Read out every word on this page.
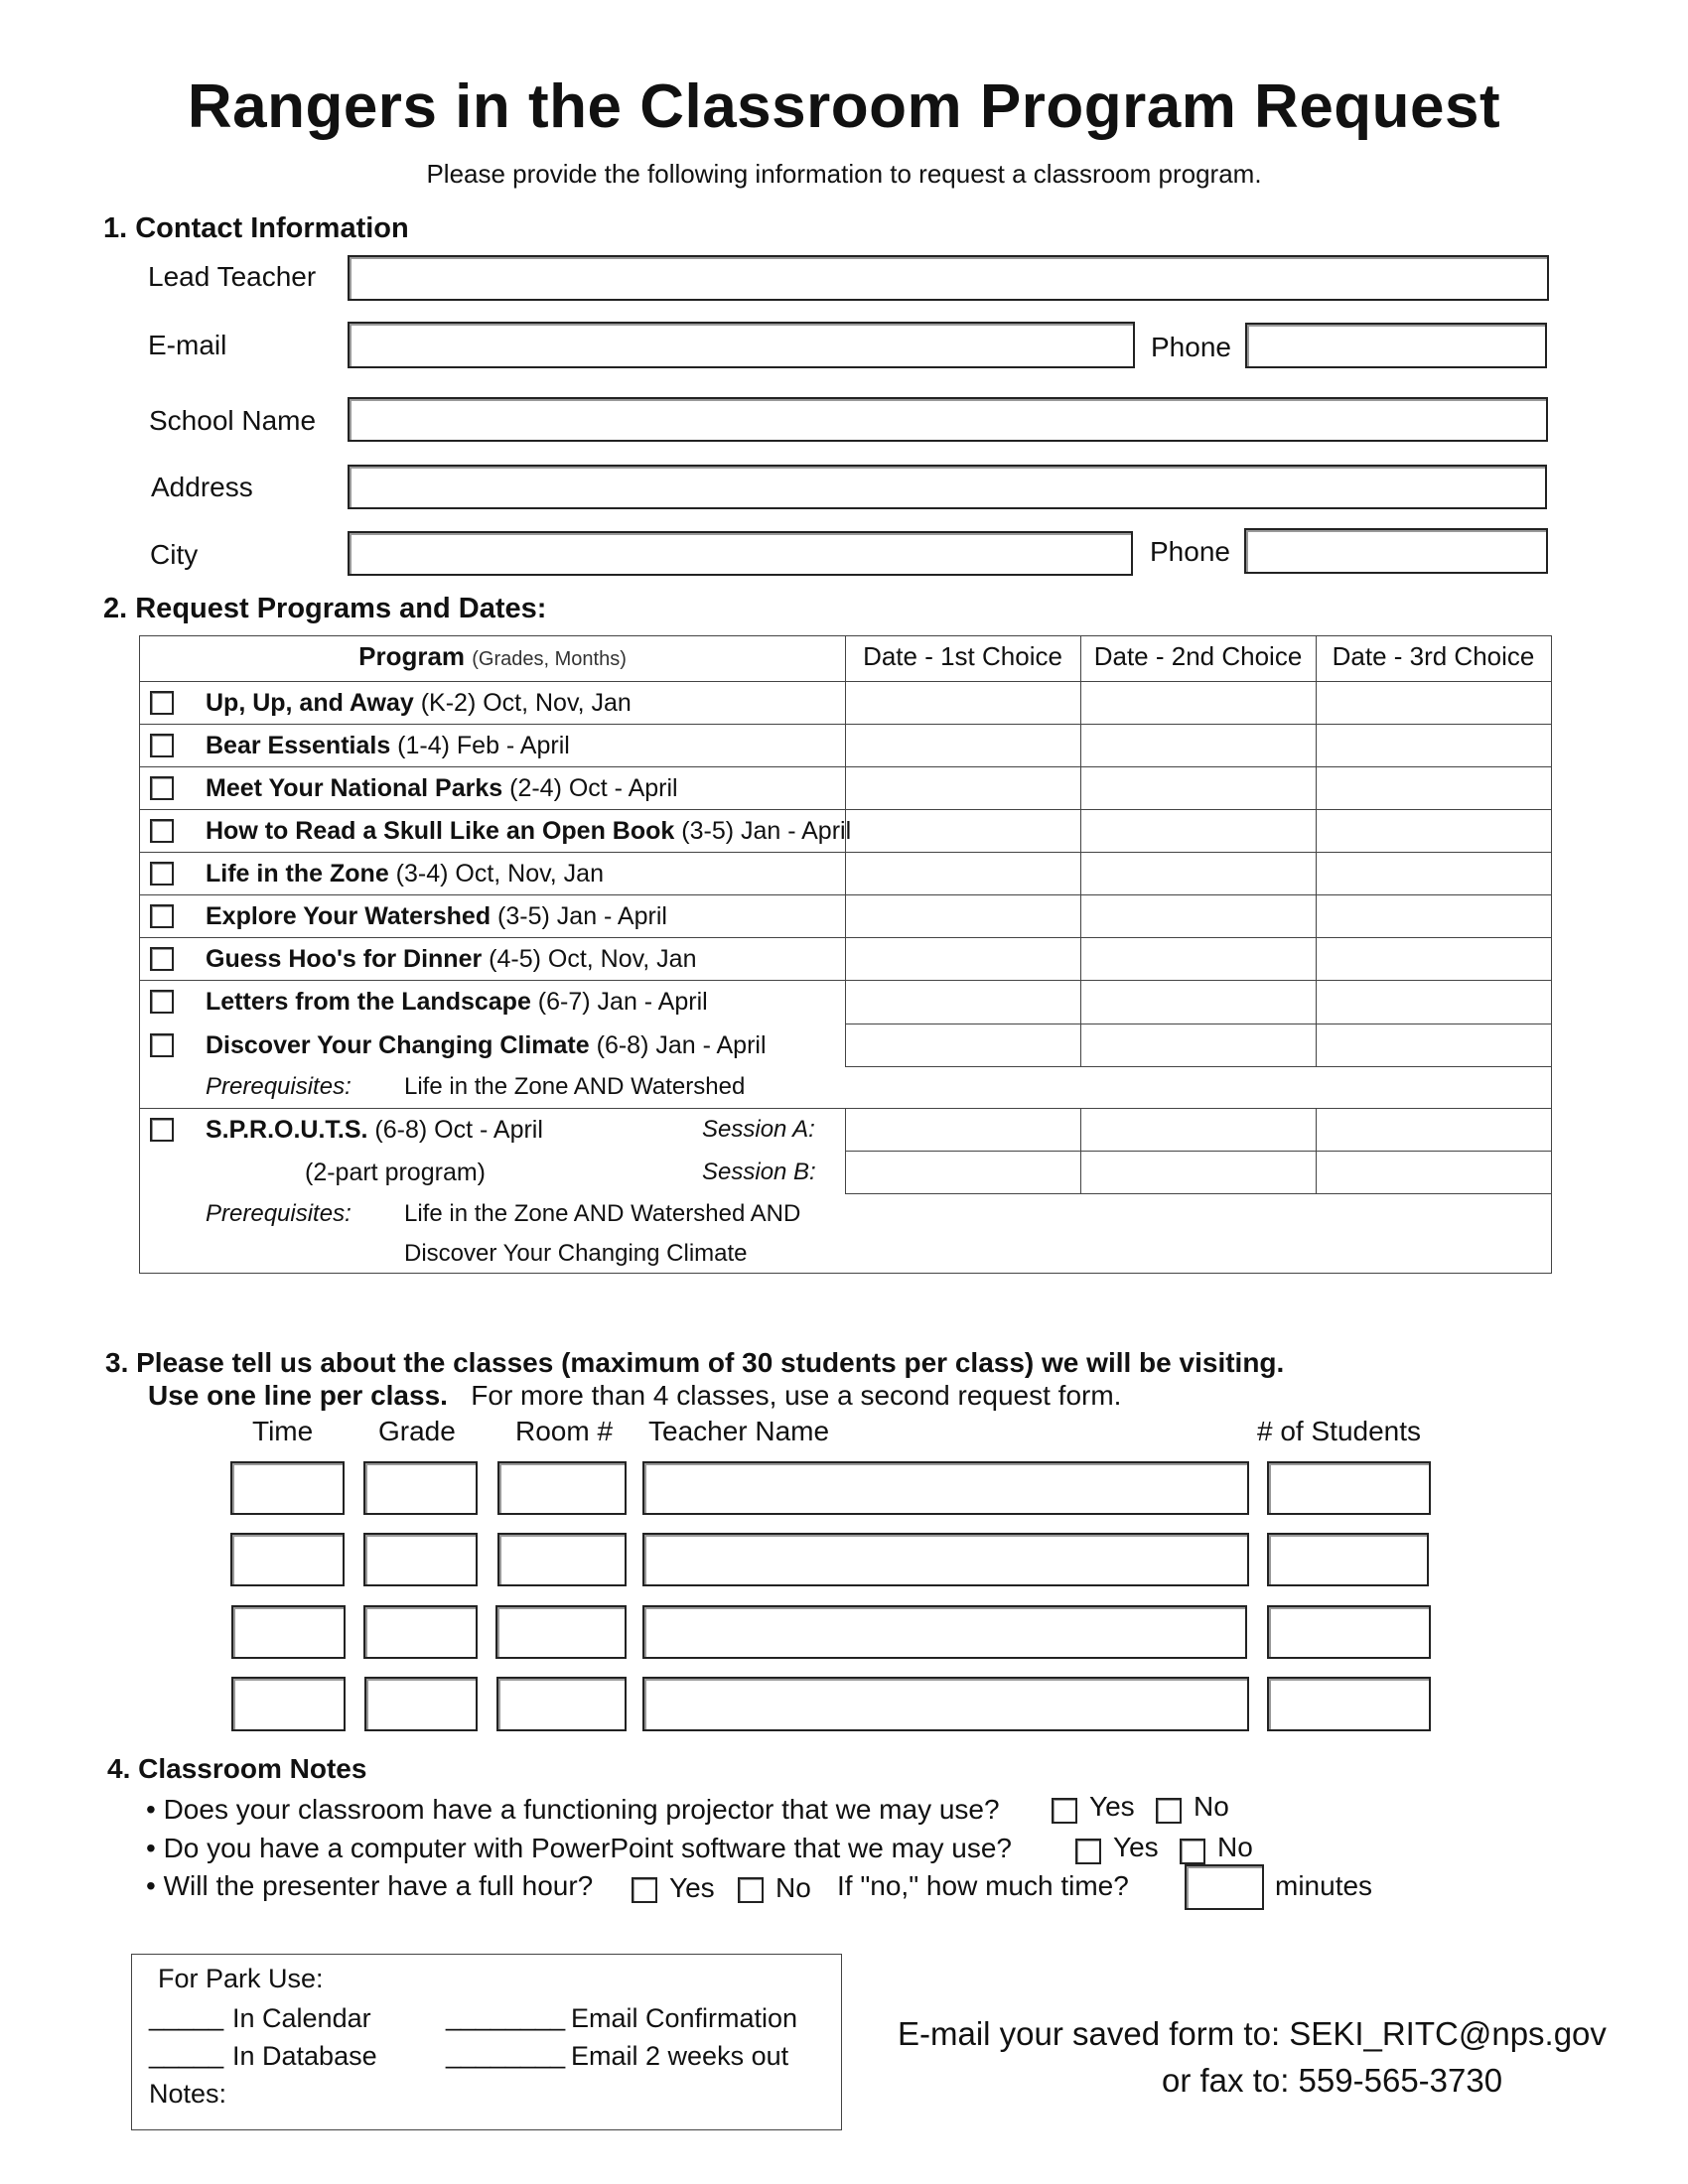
Rangers in the Classroom Program Request
Please provide the following information to request a classroom program.
1. Contact Information
Lead Teacher
E-mail	Phone
School Name
Address
City	Phone
2. Request Programs and Dates:
Program (Grades, Months)	Date - 1st Choice	Date - 2nd Choice	Date - 3rd Choice
Up, Up, and Away (K-2) Oct, Nov, Jan
Bear Essentials (1-4) Feb - April
Meet Your National Parks (2-4) Oct - April
How to Read a Skull Like an Open Book (3-5) Jan - April
Life in the Zone (3-4) Oct, Nov, Jan
Explore Your Watershed (3-5) Jan - April
Guess Hoo's for Dinner (4-5) Oct, Nov, Jan
Letters from the Landscape (6-7) Jan - April
Discover Your Changing Climate (6-8) Jan - April
Prerequisites: Life in the Zone AND Watershed
S.P.R.O.U.T.S. (6-8) Oct - April	Session A:
(2-part program)	Session B:
Prerequisites: Life in the Zone AND Watershed AND
Discover Your Changing Climate
3. Please tell us about the classes (maximum of 30 students per class) we will be visiting.
Use one line per class. For more than 4 classes, use a second request form.
Time Grade Room # Teacher Name	# of Students
4. Classroom Notes
• Does your classroom have a functioning projector that we may use?	Yes No
• Do you have a computer with PowerPoint software that we may use?	Yes No
• Will the presenter have a full hour?	Yes No If "no," how much time?	minutes
For Park Use:
_____ In Calendar	________ Email Confirmation
_____ In Database	________ Email 2 weeks out
Notes:
E-mail your saved form to: SEKI_RITC@nps.gov
or fax to: 559-565-3730
